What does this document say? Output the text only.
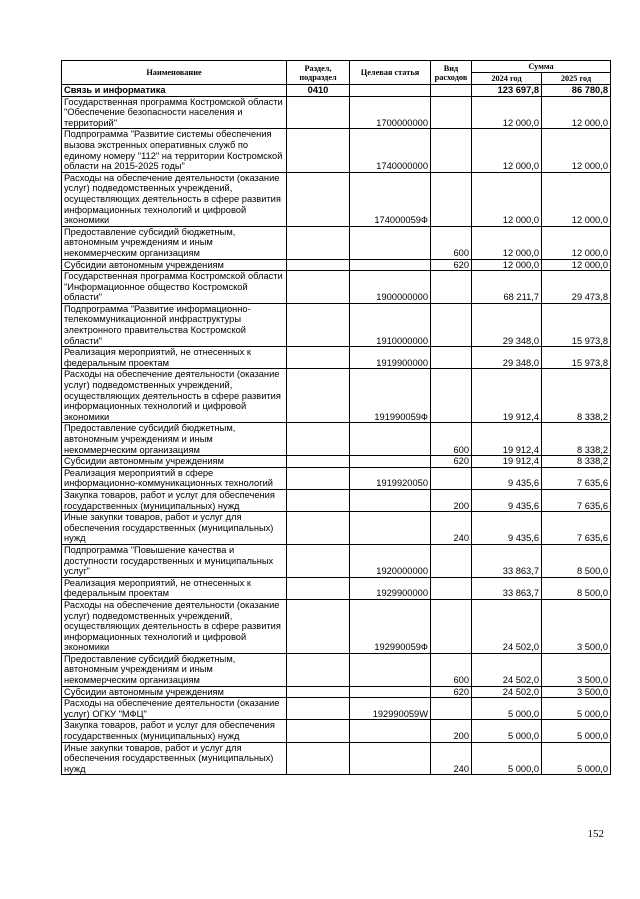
Наименование	Раздел, подраздел	Целевая статья	Вид расходов	Сумма	
				2024 год	2025 год
Связь и информатика	0410			123 697,8	86 780,8
Государственная программа Костромской области "Обеспечение безопасности населения и территорий"		1700000000		12 000,0	12 000,0
Подпрограмма "Развитие системы обеспечения вызова экстренных оперативных служб по единому номеру "112" на территории Костромской области на 2015-2025 годы"		1740000000		12 000,0	12 000,0
Расходы на обеспечение деятельности (оказание услуг) подведомственных учреждений, осуществляющих деятельность в сфере развития информационных технологий и цифровой экономики		174000059Ф		12 000,0	12 000,0
Предоставление субсидий бюджетным, автономным учреждениям и иным некоммерческим организациям			600	12 000,0	12 000,0
Субсидии автономным учреждениям			620	12 000,0	12 000,0
Государственная программа Костромской области "Информационное общество Костромской области"		1900000000		68 211,7	29 473,8
Подпрограмма "Развитие информационно-телекоммуникационной инфраструктуры электронного правительства Костромской области"		1910000000		29 348,0	15 973,8
Реализация мероприятий, не отнесенных к федеральным проектам		1919900000		29 348,0	15 973,8
Расходы на обеспечение деятельности (оказание услуг) подведомственных учреждений, осуществляющих деятельность в сфере развития информационных технологий и цифровой экономики		191990059Ф		19 912,4	8 338,2
Предоставление субсидий бюджетным, автономным учреждениям и иным некоммерческим организациям			600	19 912,4	8 338,2
Субсидии автономным учреждениям			620	19 912,4	8 338,2
Реализация мероприятий в сфере информационно-коммуникационных технологий		1919920050		9 435,6	7 635,6
Закупка товаров, работ и услуг для обеспечения государственных (муниципальных) нужд			200	9 435,6	7 635,6
Иные закупки товаров, работ и услуг для обеспечения государственных (муниципальных) нужд			240	9 435,6	7 635,6
Подпрограмма "Повышение качества и доступности государственных и муниципальных услуг"		1920000000		33 863,7	8 500,0
Реализация мероприятий, не отнесенных к федеральным проектам		1929900000		33 863,7	8 500,0
Расходы на обеспечение деятельности (оказание услуг) подведомственных учреждений, осуществляющих деятельность в сфере развития информационных технологий и цифровой экономики		192990059Ф		24 502,0	3 500,0
Предоставление субсидий бюджетным, автономным учреждениям и иным некоммерческим организациям			600	24 502,0	3 500,0
Субсидии автономным учреждениям			620	24 502,0	3 500,0
Расходы на обеспечение деятельности (оказание услуг) ОГКУ "МФЦ"		192990059W		5 000,0	5 000,0
Закупка товаров, работ и услуг для обеспечения государственных (муниципальных) нужд			200	5 000,0	5 000,0
Иные закупки товаров, работ и услуг для обеспечения государственных (муниципальных) нужд			240	5 000,0	5 000,0
152
